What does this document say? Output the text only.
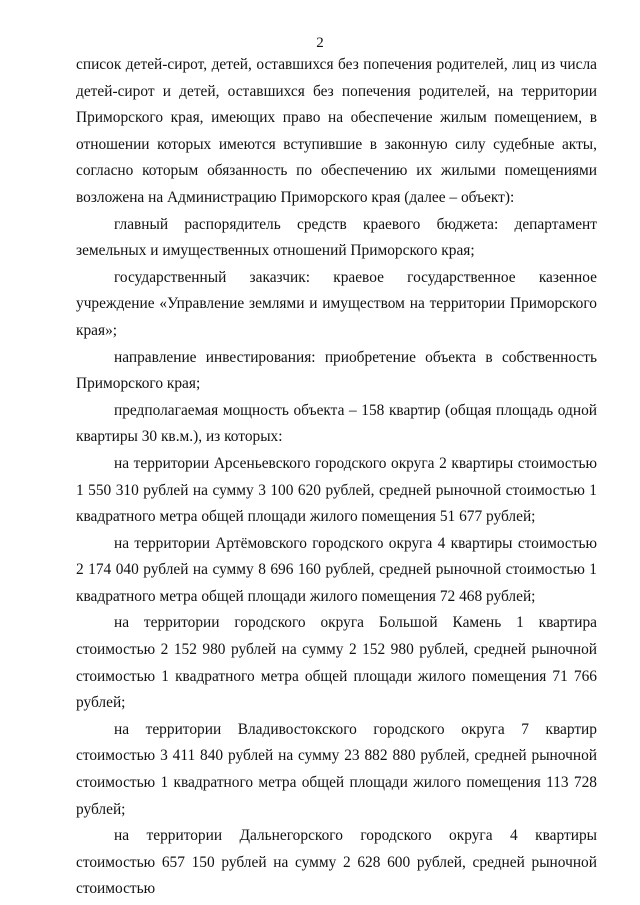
2

список детей-сирот, детей, оставшихся без попечения родителей, лиц из числа детей-сирот и детей, оставшихся без попечения родителей, на территории Приморского края, имеющих право на обеспечение жилым помещением, в отношении которых имеются вступившие в законную силу судебные акты, согласно которым обязанность по обеспечению их жилыми помещениями возложена на Администрацию Приморского края (далее – объект):

главный распорядитель средств краевого бюджета: департамент земельных и имущественных отношений Приморского края;

государственный заказчик: краевое государственное казенное учреждение «Управление землями и имуществом на территории Приморского края»;

направление инвестирования: приобретение объекта в собственность Приморского края;

предполагаемая мощность объекта – 158 квартир (общая площадь одной квартиры 30 кв.м.), из которых:

на территории Арсеньевского городского округа 2 квартиры стоимостью 1 550 310 рублей на сумму 3 100 620 рублей, средней рыночной стоимостью 1 квадратного метра общей площади жилого помещения 51 677 рублей;

на территории Артёмовского городского округа 4 квартиры стоимостью 2 174 040 рублей на сумму 8 696 160 рублей, средней рыночной стоимостью 1 квадратного метра общей площади жилого помещения 72 468 рублей;

на территории городского округа Большой Камень 1 квартира стоимостью 2 152 980 рублей на сумму 2 152 980 рублей, средней рыночной стоимостью 1 квадратного метра общей площади жилого помещения 71 766 рублей;

на территории Владивостокского городского округа 7 квартир стоимостью 3 411 840 рублей на сумму 23 882 880 рублей, средней рыночной стоимостью 1 квадратного метра общей площади жилого помещения 113 728 рублей;

на территории Дальнегорского городского округа 4 квартиры стоимостью 657 150 рублей на сумму 2 628 600 рублей, средней рыночной стоимостью
